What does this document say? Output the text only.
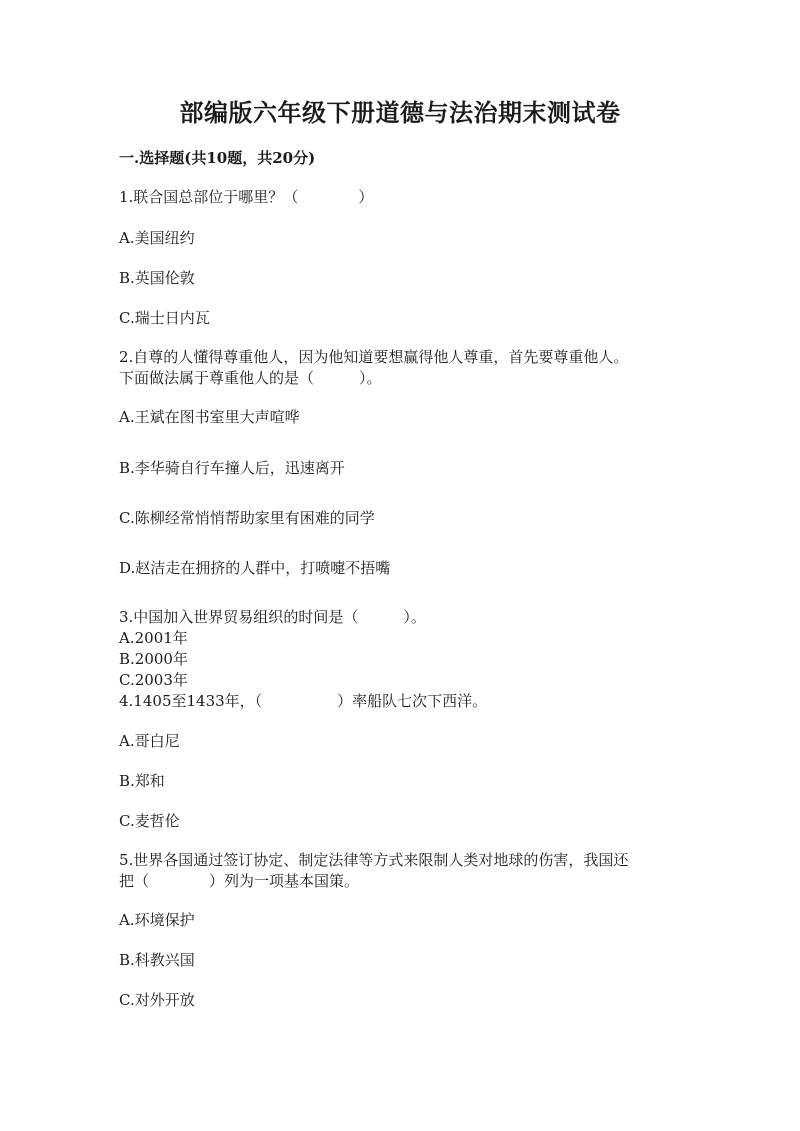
部编版六年级下册道德与法治期末测试卷
一.选择题(共10题，共20分)
1.联合国总部位于哪里？（　　　　）
A.美国纽约
B.英国伦敦
C.瑞士日内瓦
2.自尊的人懂得尊重他人，因为他知道要想赢得他人尊重，首先要尊重他人。
下面做法属于尊重他人的是（　　　）。
A.王斌在图书室里大声喧哗
B.李华骑自行车撞人后，迅速离开
C.陈柳经常悄悄帮助家里有困难的同学
D.赵洁走在拥挤的人群中，打喷嚏不捂嘴
3.中国加入世界贸易组织的时间是（　　　）。
A.2001年
B.2000年
C.2003年
4.1405至1433年，（　　　　　）率船队七次下西洋。
A.哥白尼
B.郑和
C.麦哲伦
5.世界各国通过签订协定、制定法律等方式来限制人类对地球的伤害，我国还
把（　　　　）列为一项基本国策。
A.环境保护
B.科教兴国
C.对外开放
